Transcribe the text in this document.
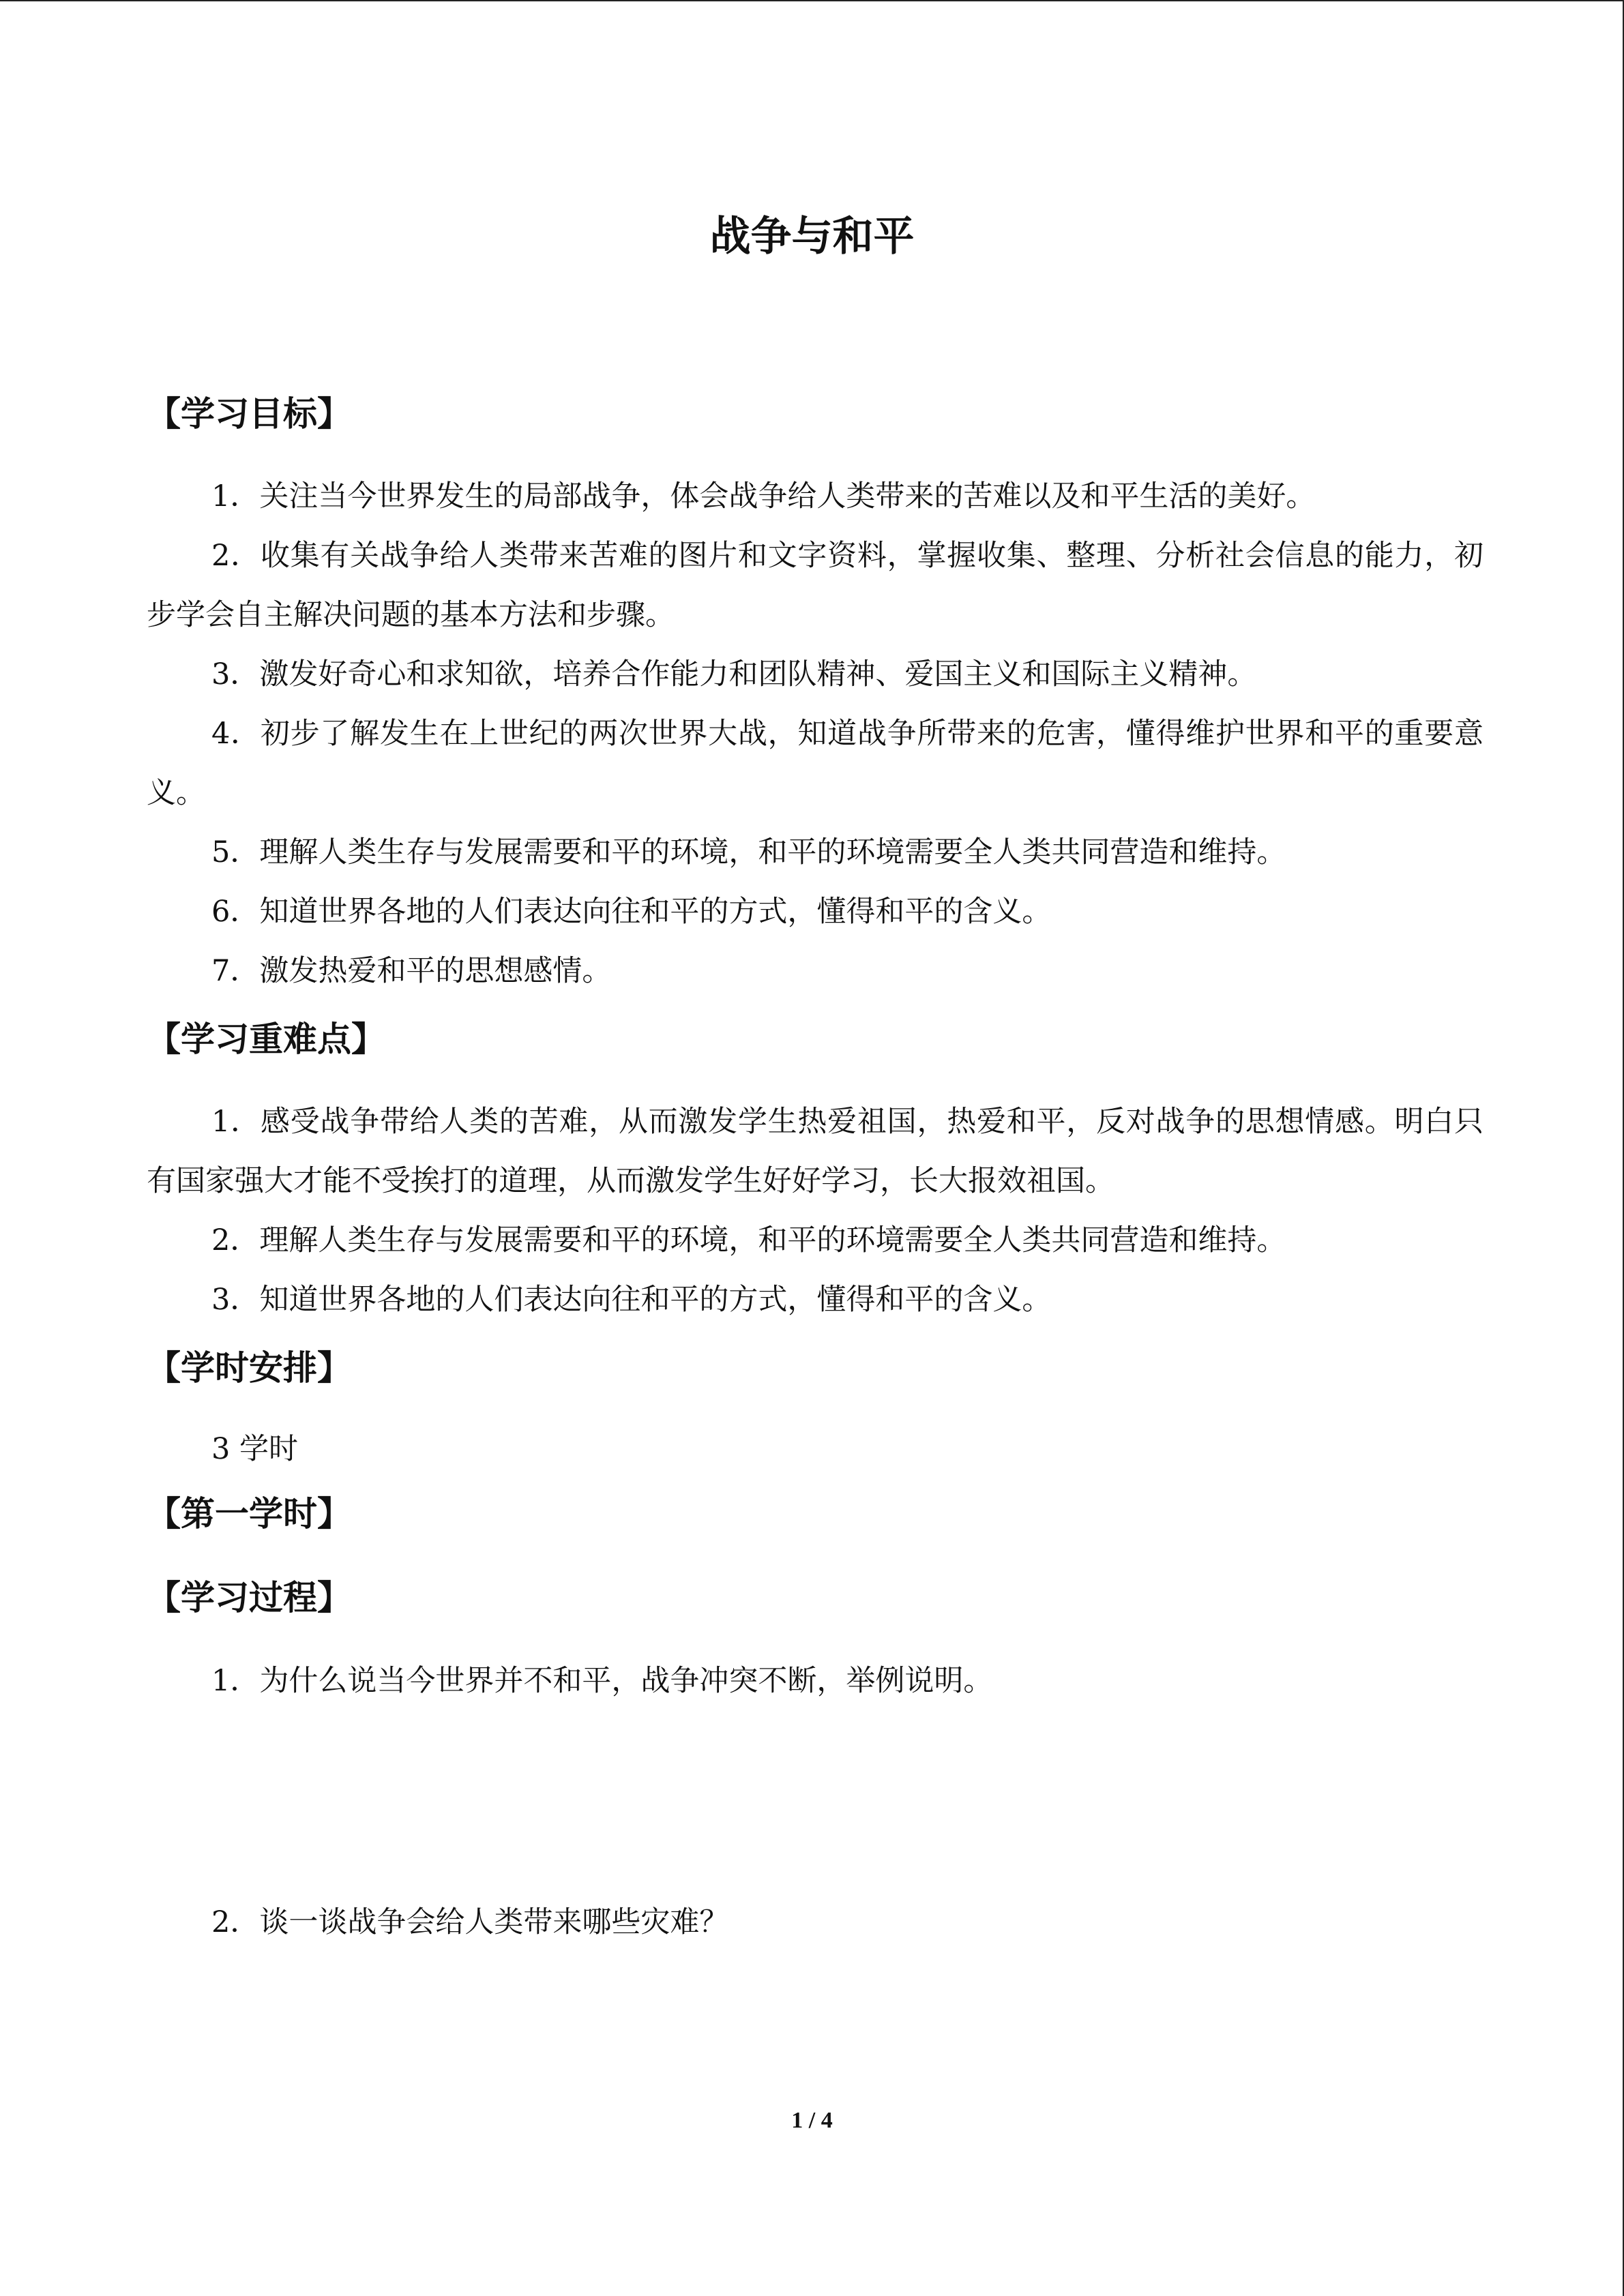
战争与和平
【学习目标】
1．关注当今世界发生的局部战争，体会战争给人类带来的苦难以及和平生活的美好。
2．收集有关战争给人类带来苦难的图片和文字资料，掌握收集、整理、分析社会信息的能力，初步学会自主解决问题的基本方法和步骤。
3．激发好奇心和求知欲，培养合作能力和团队精神、爱国主义和国际主义精神。
4．初步了解发生在上世纪的两次世界大战，知道战争所带来的危害，懂得维护世界和平的重要意义。
5．理解人类生存与发展需要和平的环境，和平的环境需要全人类共同营造和维持。
6．知道世界各地的人们表达向往和平的方式，懂得和平的含义。
7．激发热爱和平的思想感情。
【学习重难点】
1．感受战争带给人类的苦难，从而激发学生热爱祖国，热爱和平，反对战争的思想情感。明白只有国家强大才能不受挨打的道理，从而激发学生好好学习，长大报效祖国。
2．理解人类生存与发展需要和平的环境，和平的环境需要全人类共同营造和维持。
3．知道世界各地的人们表达向往和平的方式，懂得和平的含义。
【学时安排】
3 学时
【第一学时】
【学习过程】
1．为什么说当今世界并不和平，战争冲突不断，举例说明。
2．谈一谈战争会给人类带来哪些灾难？
1 / 4
